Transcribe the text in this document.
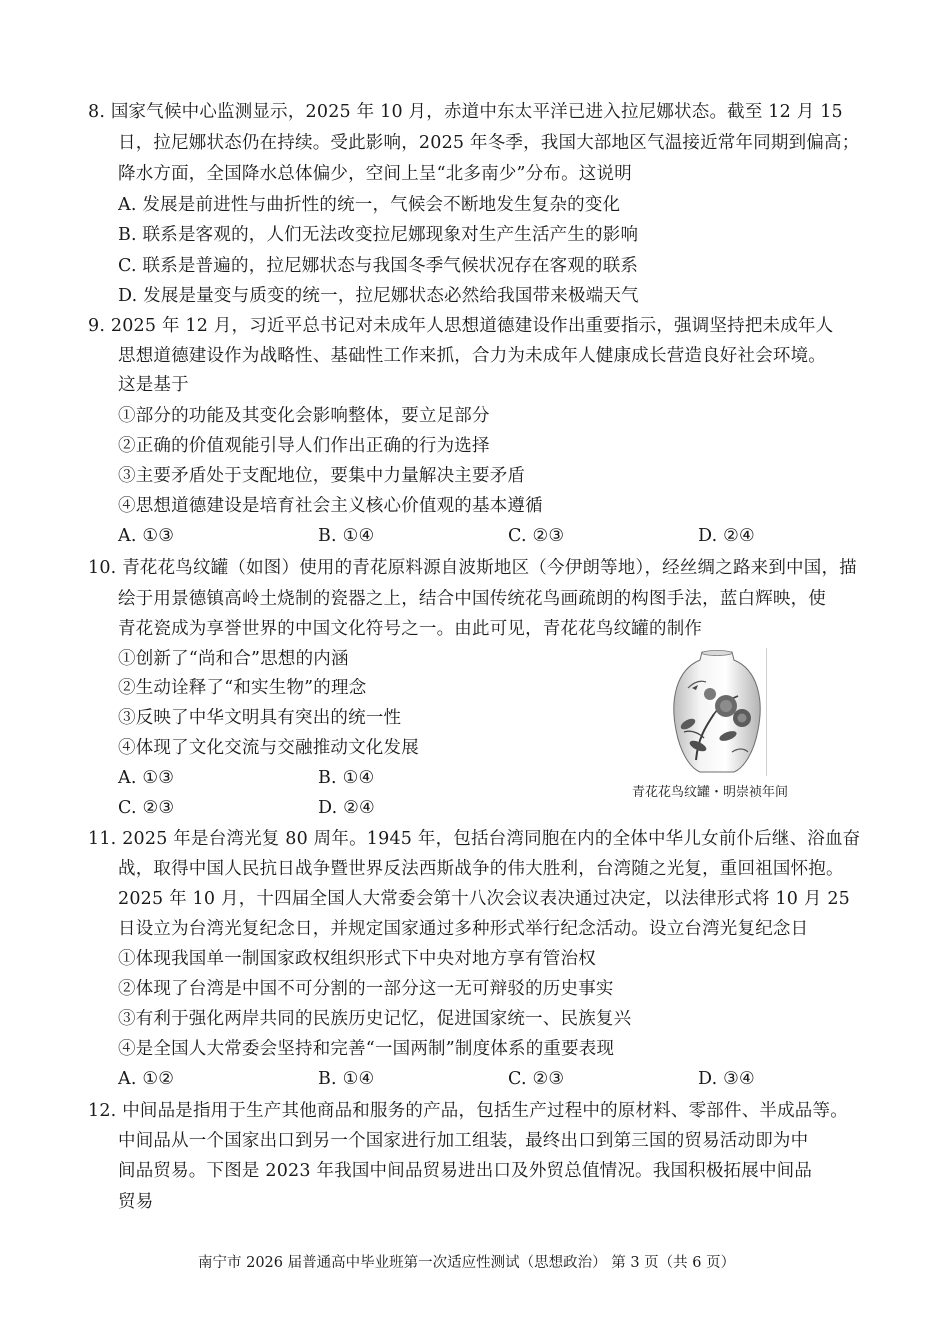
8. 国家气候中心监测显示，2025 年 10 月，赤道中东太平洋已进入拉尼娜状态。截至 12 月 15
日，拉尼娜状态仍在持续。受此影响，2025 年冬季，我国大部地区气温接近常年同期到偏高；
降水方面，全国降水总体偏少，空间上呈“北多南少”分布。这说明
A. 发展是前进性与曲折性的统一，气候会不断地发生复杂的变化
B. 联系是客观的，人们无法改变拉尼娜现象对生产生活产生的影响
C. 联系是普遍的，拉尼娜状态与我国冬季气候状况存在客观的联系
D. 发展是量变与质变的统一，拉尼娜状态必然给我国带来极端天气
9. 2025 年 12 月，习近平总书记对未成年人思想道德建设作出重要指示，强调坚持把未成年人
思想道德建设作为战略性、基础性工作来抓，合力为未成年人健康成长营造良好社会环境。
这是基于
①部分的功能及其变化会影响整体，要立足部分
②正确的价值观能引导人们作出正确的行为选择
③主要矛盾处于支配地位，要集中力量解决主要矛盾
④思想道德建设是培育社会主义核心价值观的基本遵循
A. ①③	B. ①④	C. ②③	D. ②④
10. 青花花鸟纹罐（如图）使用的青花原料源自波斯地区（今伊朗等地），经丝绸之路来到中国，描
绘于用景德镇高岭土烧制的瓷器之上，结合中国传统花鸟画疏朗的构图手法，蓝白辉映，使
青花瓷成为享誉世界的中国文化符号之一。由此可见，青花花鸟纹罐的制作
①创新了“尚和合”思想的内涵
②生动诠释了“和实生物”的理念
③反映了中华文明具有突出的统一性
④体现了文化交流与交融推动文化发展
A. ①③	B. ①④
C. ②③	D. ②④
青花花鸟纹罐・明崇祯年间
11. 2025 年是台湾光复 80 周年。1945 年，包括台湾同胞在内的全体中华儿女前仆后继、浴血奋
战，取得中国人民抗日战争暨世界反法西斯战争的伟大胜利，台湾随之光复，重回祖国怀抱。
2025 年 10 月，十四届全国人大常委会第十八次会议表决通过决定，以法律形式将 10 月 25
日设立为台湾光复纪念日，并规定国家通过多种形式举行纪念活动。设立台湾光复纪念日
①体现我国单一制国家政权组织形式下中央对地方享有管治权
②体现了台湾是中国不可分割的一部分这一无可辩驳的历史事实
③有利于强化两岸共同的民族历史记忆，促进国家统一、民族复兴
④是全国人大常委会坚持和完善“一国两制”制度体系的重要表现
A. ①②	B. ①④	C. ②③	D. ③④
12. 中间品是指用于生产其他商品和服务的产品，包括生产过程中的原材料、零部件、半成品等。
中间品从一个国家出口到另一个国家进行加工组装，最终出口到第三国的贸易活动即为中
间品贸易。下图是 2023 年我国中间品贸易进出口及外贸总值情况。我国积极拓展中间品
贸易
南宁市 2026 届普通高中毕业班第一次适应性测试（思想政治） 第 3 页（共 6 页）
